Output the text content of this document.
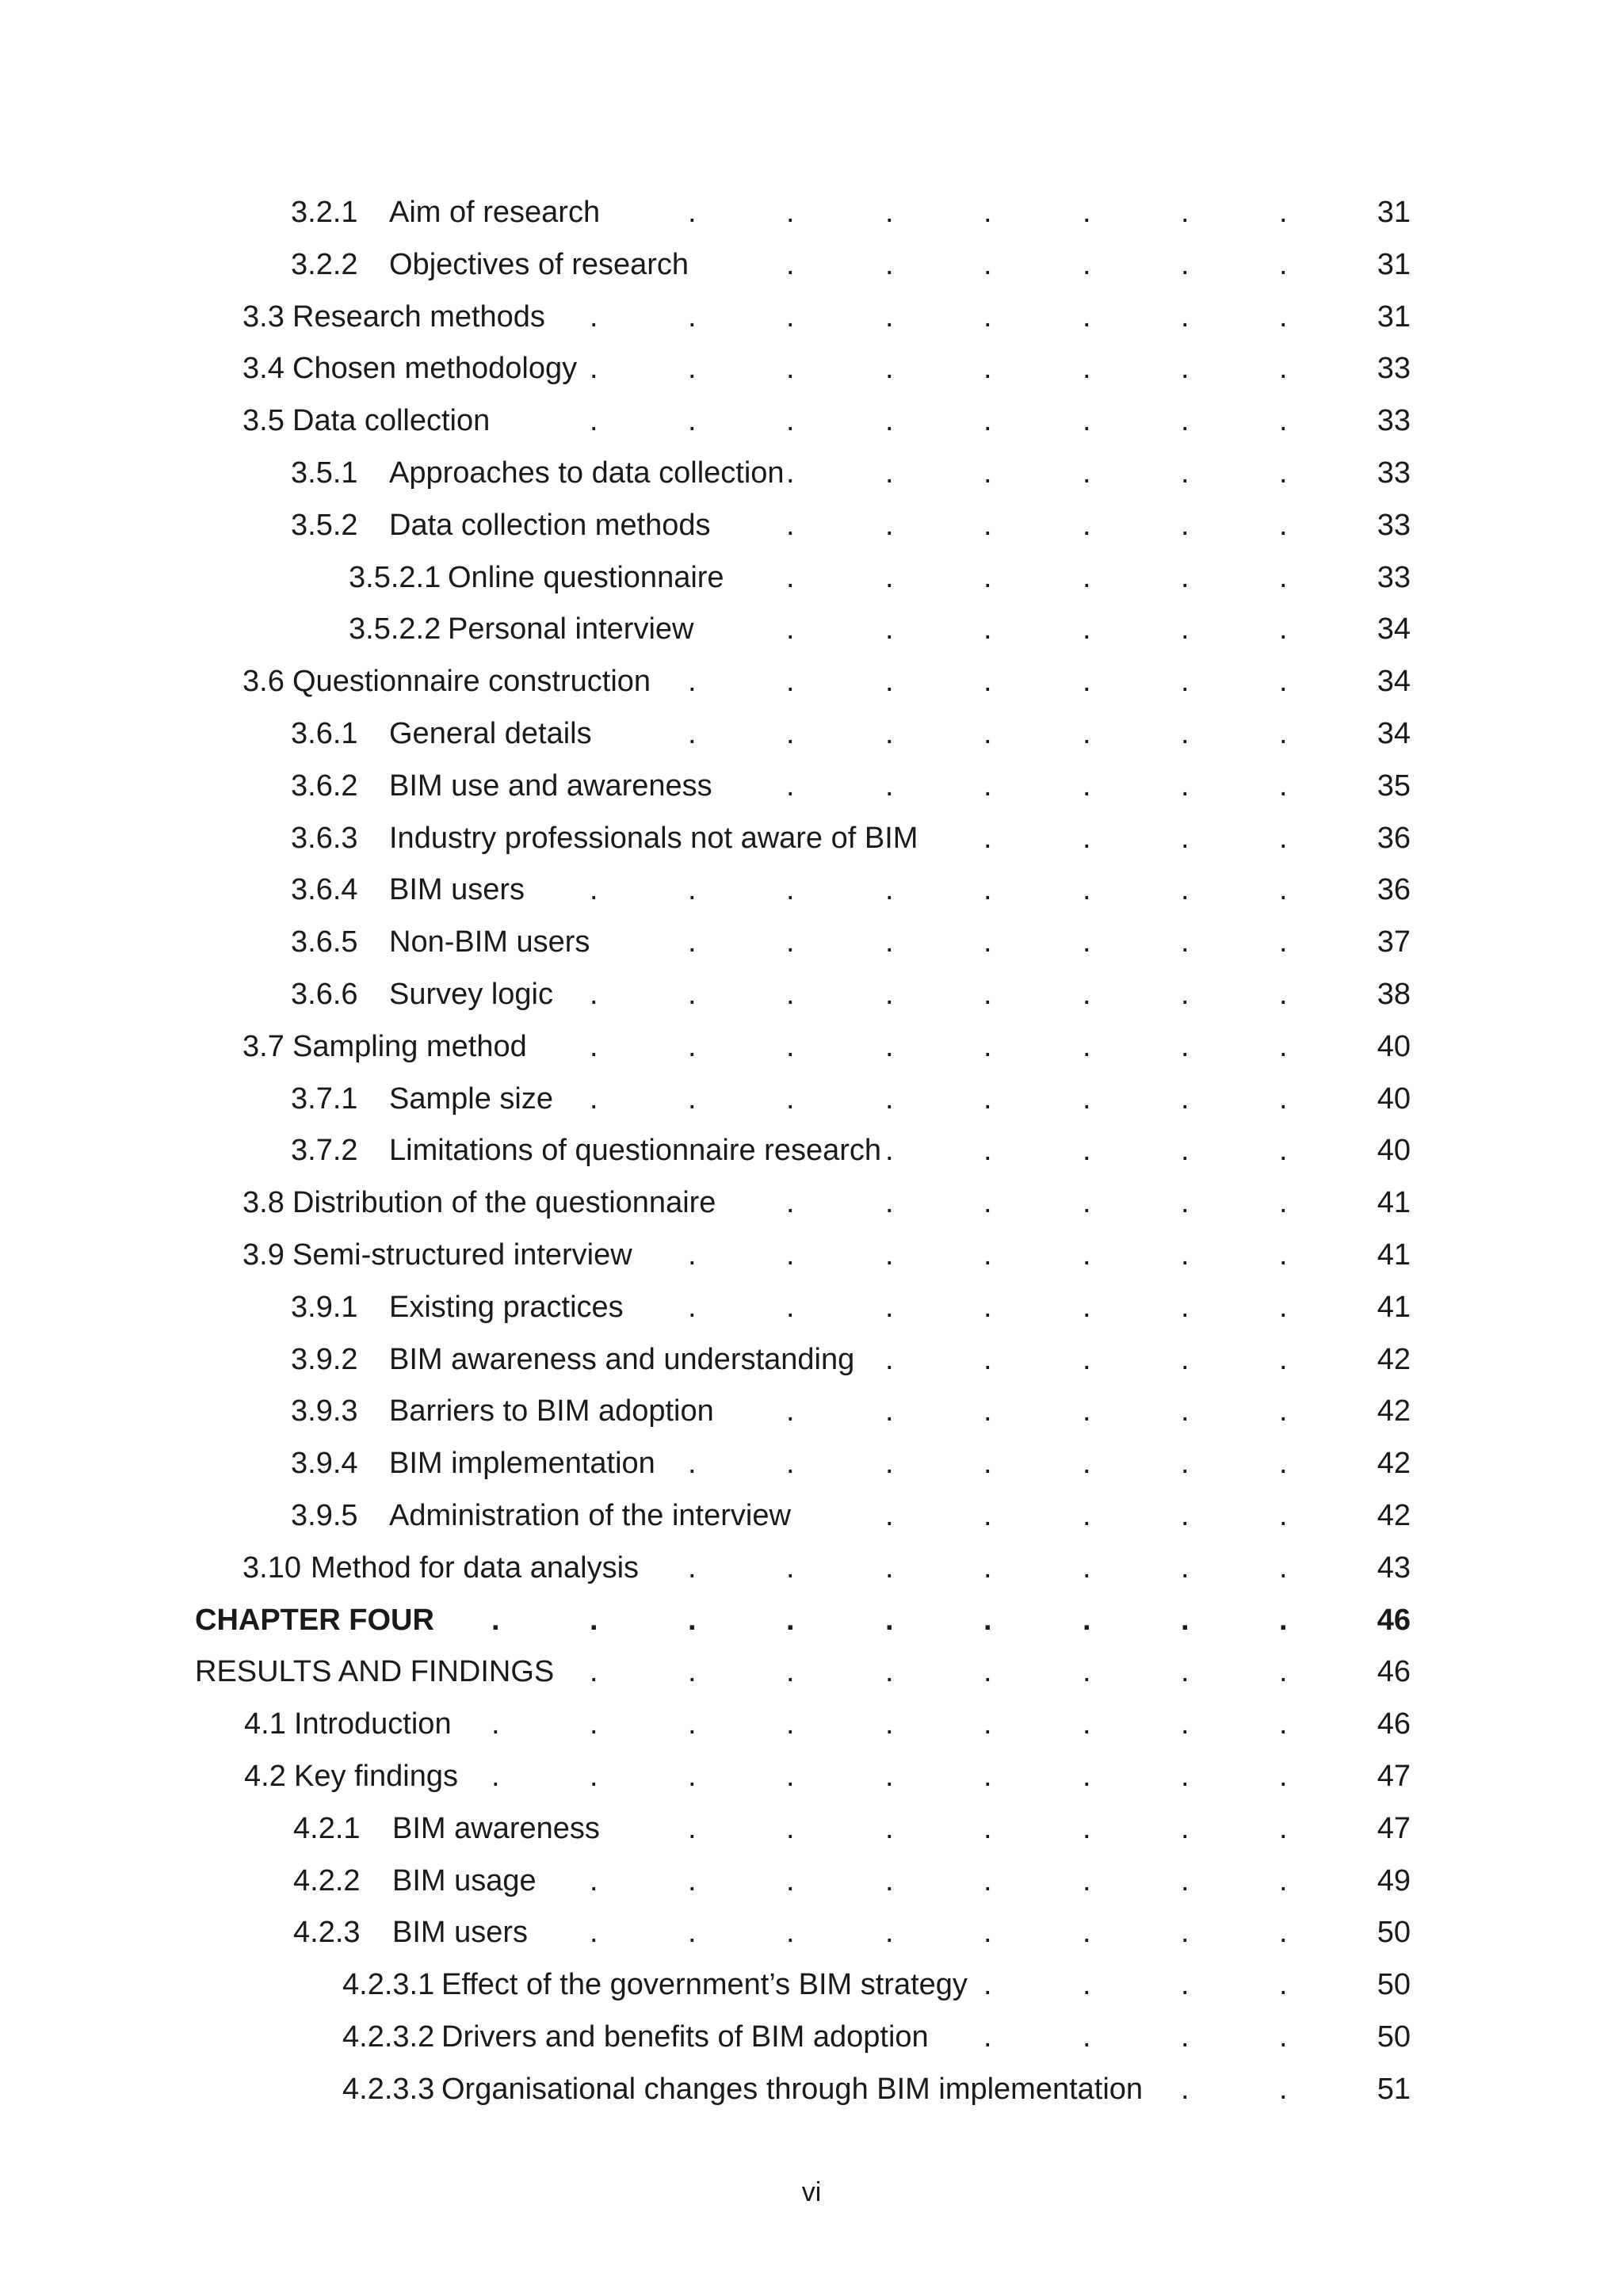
3.2.1 Aim of research	.	.	.	.	.	.	.	31
3.2.2 Objectives of research	.	.	.	.	.	.	31
3.3 Research methods .	.	.	.	.	.	.	.	31
3.4 Chosen methodology .	.	.	.	.	.	.	.	33
3.5 Data collection	.	.	.	.	.	.	.	.	33
3.5.1 Approaches to data collection .	.	.	.	.	.	33
3.5.2 Data collection methods	.	.	.	.	.	.	33
3.5.2.1 Online questionnaire .	.	.	.	.	.	33
3.5.2.2 Personal interview	.	.	.	.	.	.	34
3.6 Questionnaire construction .	.	.	.	.	.	.	34
3.6.1 General details	.	.	.	.	.	.	.	34
3.6.2 BIM use and awareness .	.	.	.	.	.	35
3.6.3 Industry professionals not aware of BIM .	.	.	.	36
3.6.4 BIM users .	.	.	.	.	.	.	.	36
3.6.5 Non-BIM users	.	.	.	.	.	.	.	37
3.6.6 Survey logic .	.	.	.	.	.	.	.	38
3.7 Sampling method .	.	.	.	.	.	.	.	40
3.7.1 Sample size .	.	.	.	.	.	.	.	40
3.7.2 Limitations of questionnaire research .	.	.	.	.	40
3.8 Distribution of the questionnaire .	.	.	.	.	.	41
3.9 Semi-structured interview .	.	.	.	.	.	.	41
3.9.1 Existing practices .	.	.	.	.	.	.	41
3.9.2 BIM awareness and understanding .	.	.	.	.	42
3.9.3 Barriers to BIM adoption .	.	.	.	.	.	42
3.9.4 BIM implementation .	.	.	.	.	.	.	42
3.9.5 Administration of the interview	.	.	.	.	.	42
3.10 Method for data analysis .	.	.	.	.	.	.	43
CHAPTER FOUR .	.	.	.	.	.	.	.	.	46
RESULTS AND FINDINGS .	.	.	.	.	.	.	.	46
4.1 Introduction .	.	.	.	.	.	.	.	.	46
4.2 Key findings .	.	.	.	.	.	.	.	.	47
4.2.1 BIM awareness	.	.	.	.	.	.	.	47
4.2.2 BIM usage .	.	.	.	.	.	.	.	49
4.2.3 BIM users .	.	.	.	.	.	.	.	50
4.2.3.1 Effect of the government’s BIM strategy .	.	.	.	50
4.2.3.2 Drivers and benefits of BIM adoption .	.	.	.	50
4.2.3.3 Organisational changes through BIM implementation .	.	51
vi
